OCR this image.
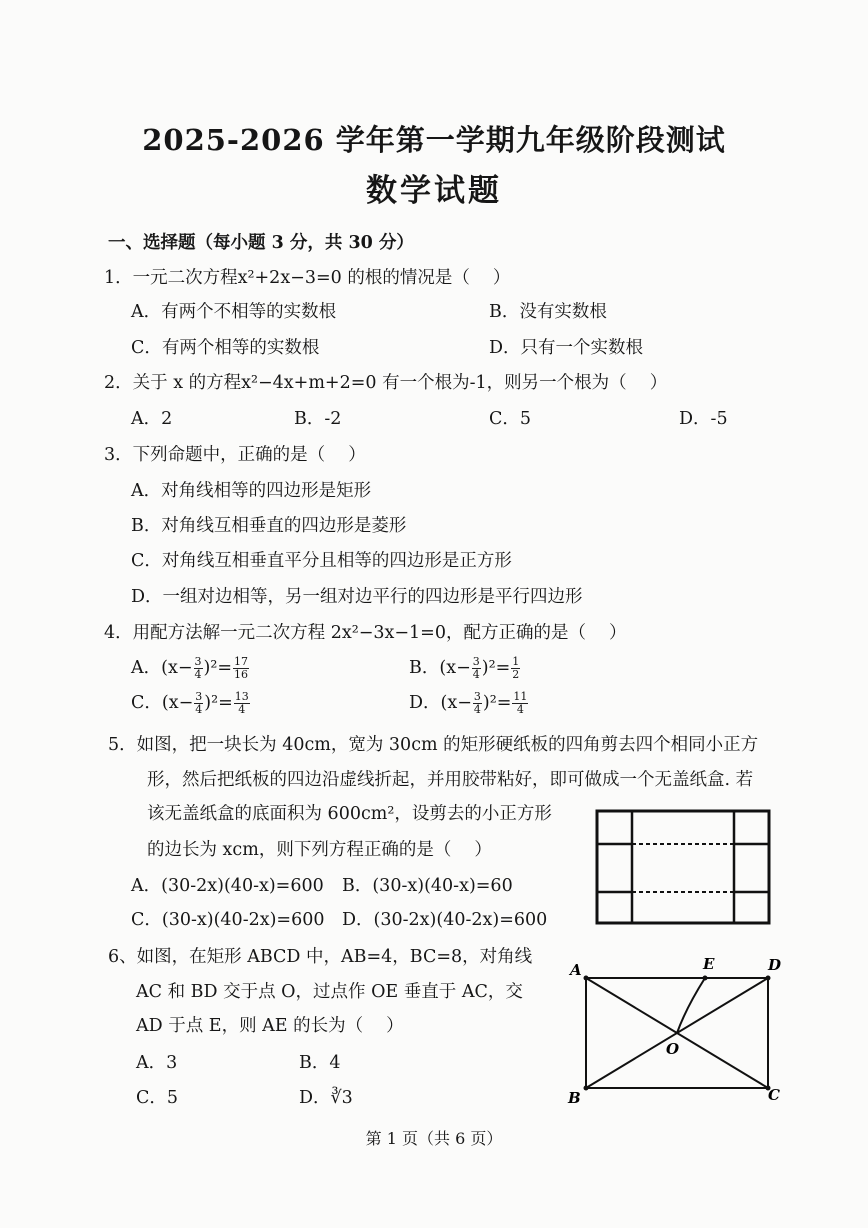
2025-2026 学年第一学期九年级阶段测试
数学试题
一、选择题（每小题 3 分，共 30 分）
1．一元二次方程x²+2x−3=0 的根的情况是（　 ）
A．有两个不相等的实数根	B．没有实数根
C．有两个相等的实数根	D．只有一个实数根
2．关于 x 的方程x²−4x+m+2=0 有一个根为-1，则另一个根为（　 ）
A．2	B．-2	C．5	D．-5
3．下列命题中，正确的是（　 ）
A．对角线相等的四边形是矩形
B．对角线互相垂直的四边形是菱形
C．对角线互相垂直平分且相等的四边形是正方形
D．一组对边相等，另一组对边平行的四边形是平行四边形
4．用配方法解一元二次方程 2x²−3x−1=0，配方正确的是（　 ）
A．$(x- \frac{3}{4} )^2= \frac{17}{16}$	B．$(x- \frac{3}{4} )^2= \frac{1}{2}$
C．$(x- \frac{3}{4} )^2= \frac{13}{4}$	D．$(x- \frac{3}{4} )^2= \frac{11}{4}$
5．如图，把一块长为 40cm，宽为 30cm 的矩形硬纸板的四角剪去四个相同小正方
形，然后把纸板的四边沿虚线折起，并用胶带粘好，即可做成一个无盖纸盒. 若
该无盖纸盒的底面积为 600cm²，设剪去的小正方形
的边长为 xcm，则下列方程正确的是（　 ）
A．(30-2x)(40-x)=600 B．(30-x)(40-x)=60
C．(30-x)(40-2x)=600 D．(30-2x)(40-2x)=600
6、如图，在矩形 ABCD 中，AB=4，BC=8，对角线
AC 和 BD 交于点 O，过点作 OE 垂直于 AC，交
AD 于点 E，则 AE 的长为（　 ）
A．3	B．4
C．5	D．∛3
A	D
E
B	C
O
第 1 页（共 6 页）
